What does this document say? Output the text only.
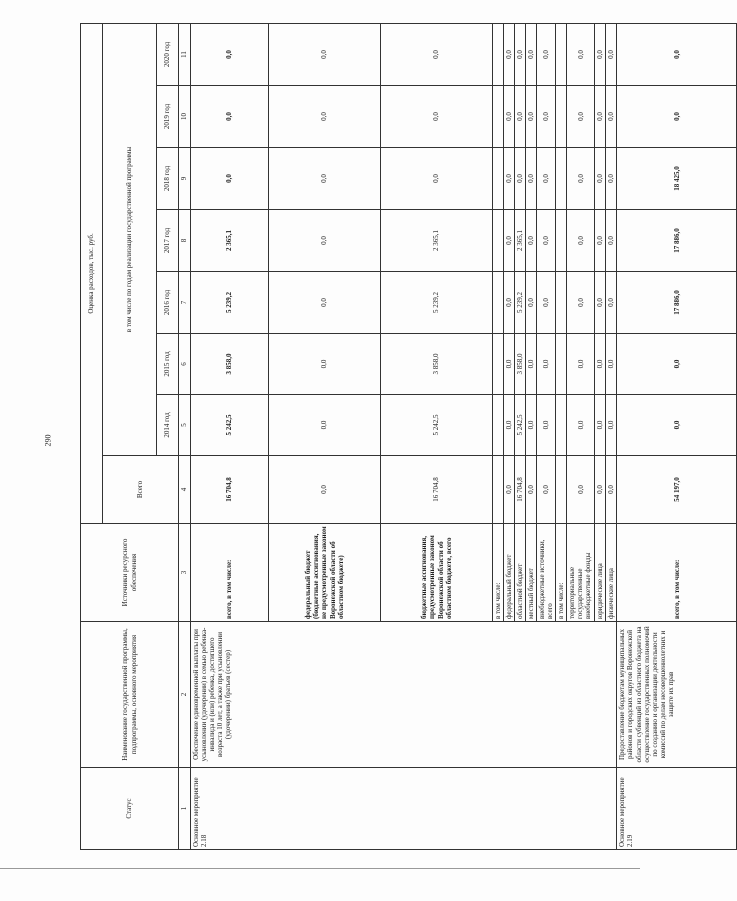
290
Статус	Наименование государственной программы, подпрограммы, основного мероприятия	Источники ресурсного обеспечения	Оценка расходов, тыс. руб.							
			Всего	в том числе по годам реализации государственной программы						
				2014 год	2015 год	2016 год	2017 год	2018 год	2019 год	2020 год
1	2	3	4	5	6	7	8	9	10	11
Основное мероприятие 2.18	Обеспечение единовременной выплаты при усыновлении (удочерении) в семью ребенка-инвалида и (или) ребенка, достигшего возраста 10 лет, а также при усыновлении (удочерении) братьев (сестер)	всего, в том числе:	16 704,8	5 242,5	3 858,0	5 239,2	2 365,1	0,0	0,0	0,0
		федеральный бюджет (бюджетные ассигнования, не предусмотренные законом Воронежской области об областном бюджете)	0,0	0,0	0,0	0,0	0,0	0,0	0,0	0,0
		бюджетные ассигнования, предусмотренные законом Воронежской области об областном бюджете, всего	16 704,8	5 242,5	3 858,0	5 239,2	2 365,1	0,0	0,0	0,0
		в том числе:								
		федеральный бюджет	0,0	0,0	0,0	0,0	0,0	0,0	0,0	0,0
		областной бюджет	16 704,8	5 242,5	3 858,0	5 239,2	2 365,1	0,0	0,0	0,0
		местный бюджет	0,0	0,0	0,0	0,0	0,0	0,0	0,0	0,0
		внебюджетные источники, всего	0,0	0,0	0,0	0,0	0,0	0,0	0,0	0,0
		в том числе:								
		территориальные государственные внебюджетные фонды	0,0	0,0	0,0	0,0	0,0	0,0	0,0	0,0
		юридические лица	0,0	0,0	0,0	0,0	0,0	0,0	0,0	0,0
		физические лица	0,0	0,0	0,0	0,0	0,0	0,0	0,0	0,0
Основное мероприятие 2.19	Предоставление бюджетам муниципальных районов и городских округов Воронежской области субвенций из областного бюджета на осуществление государственных полномочий по созданию и организации деятельности комиссий по делам несовершеннолетних и защите их прав	всего, в том числе:	54 197,0	0,0	0,0	17 886,0	17 886,0	18 425,0	0,0	0,0
